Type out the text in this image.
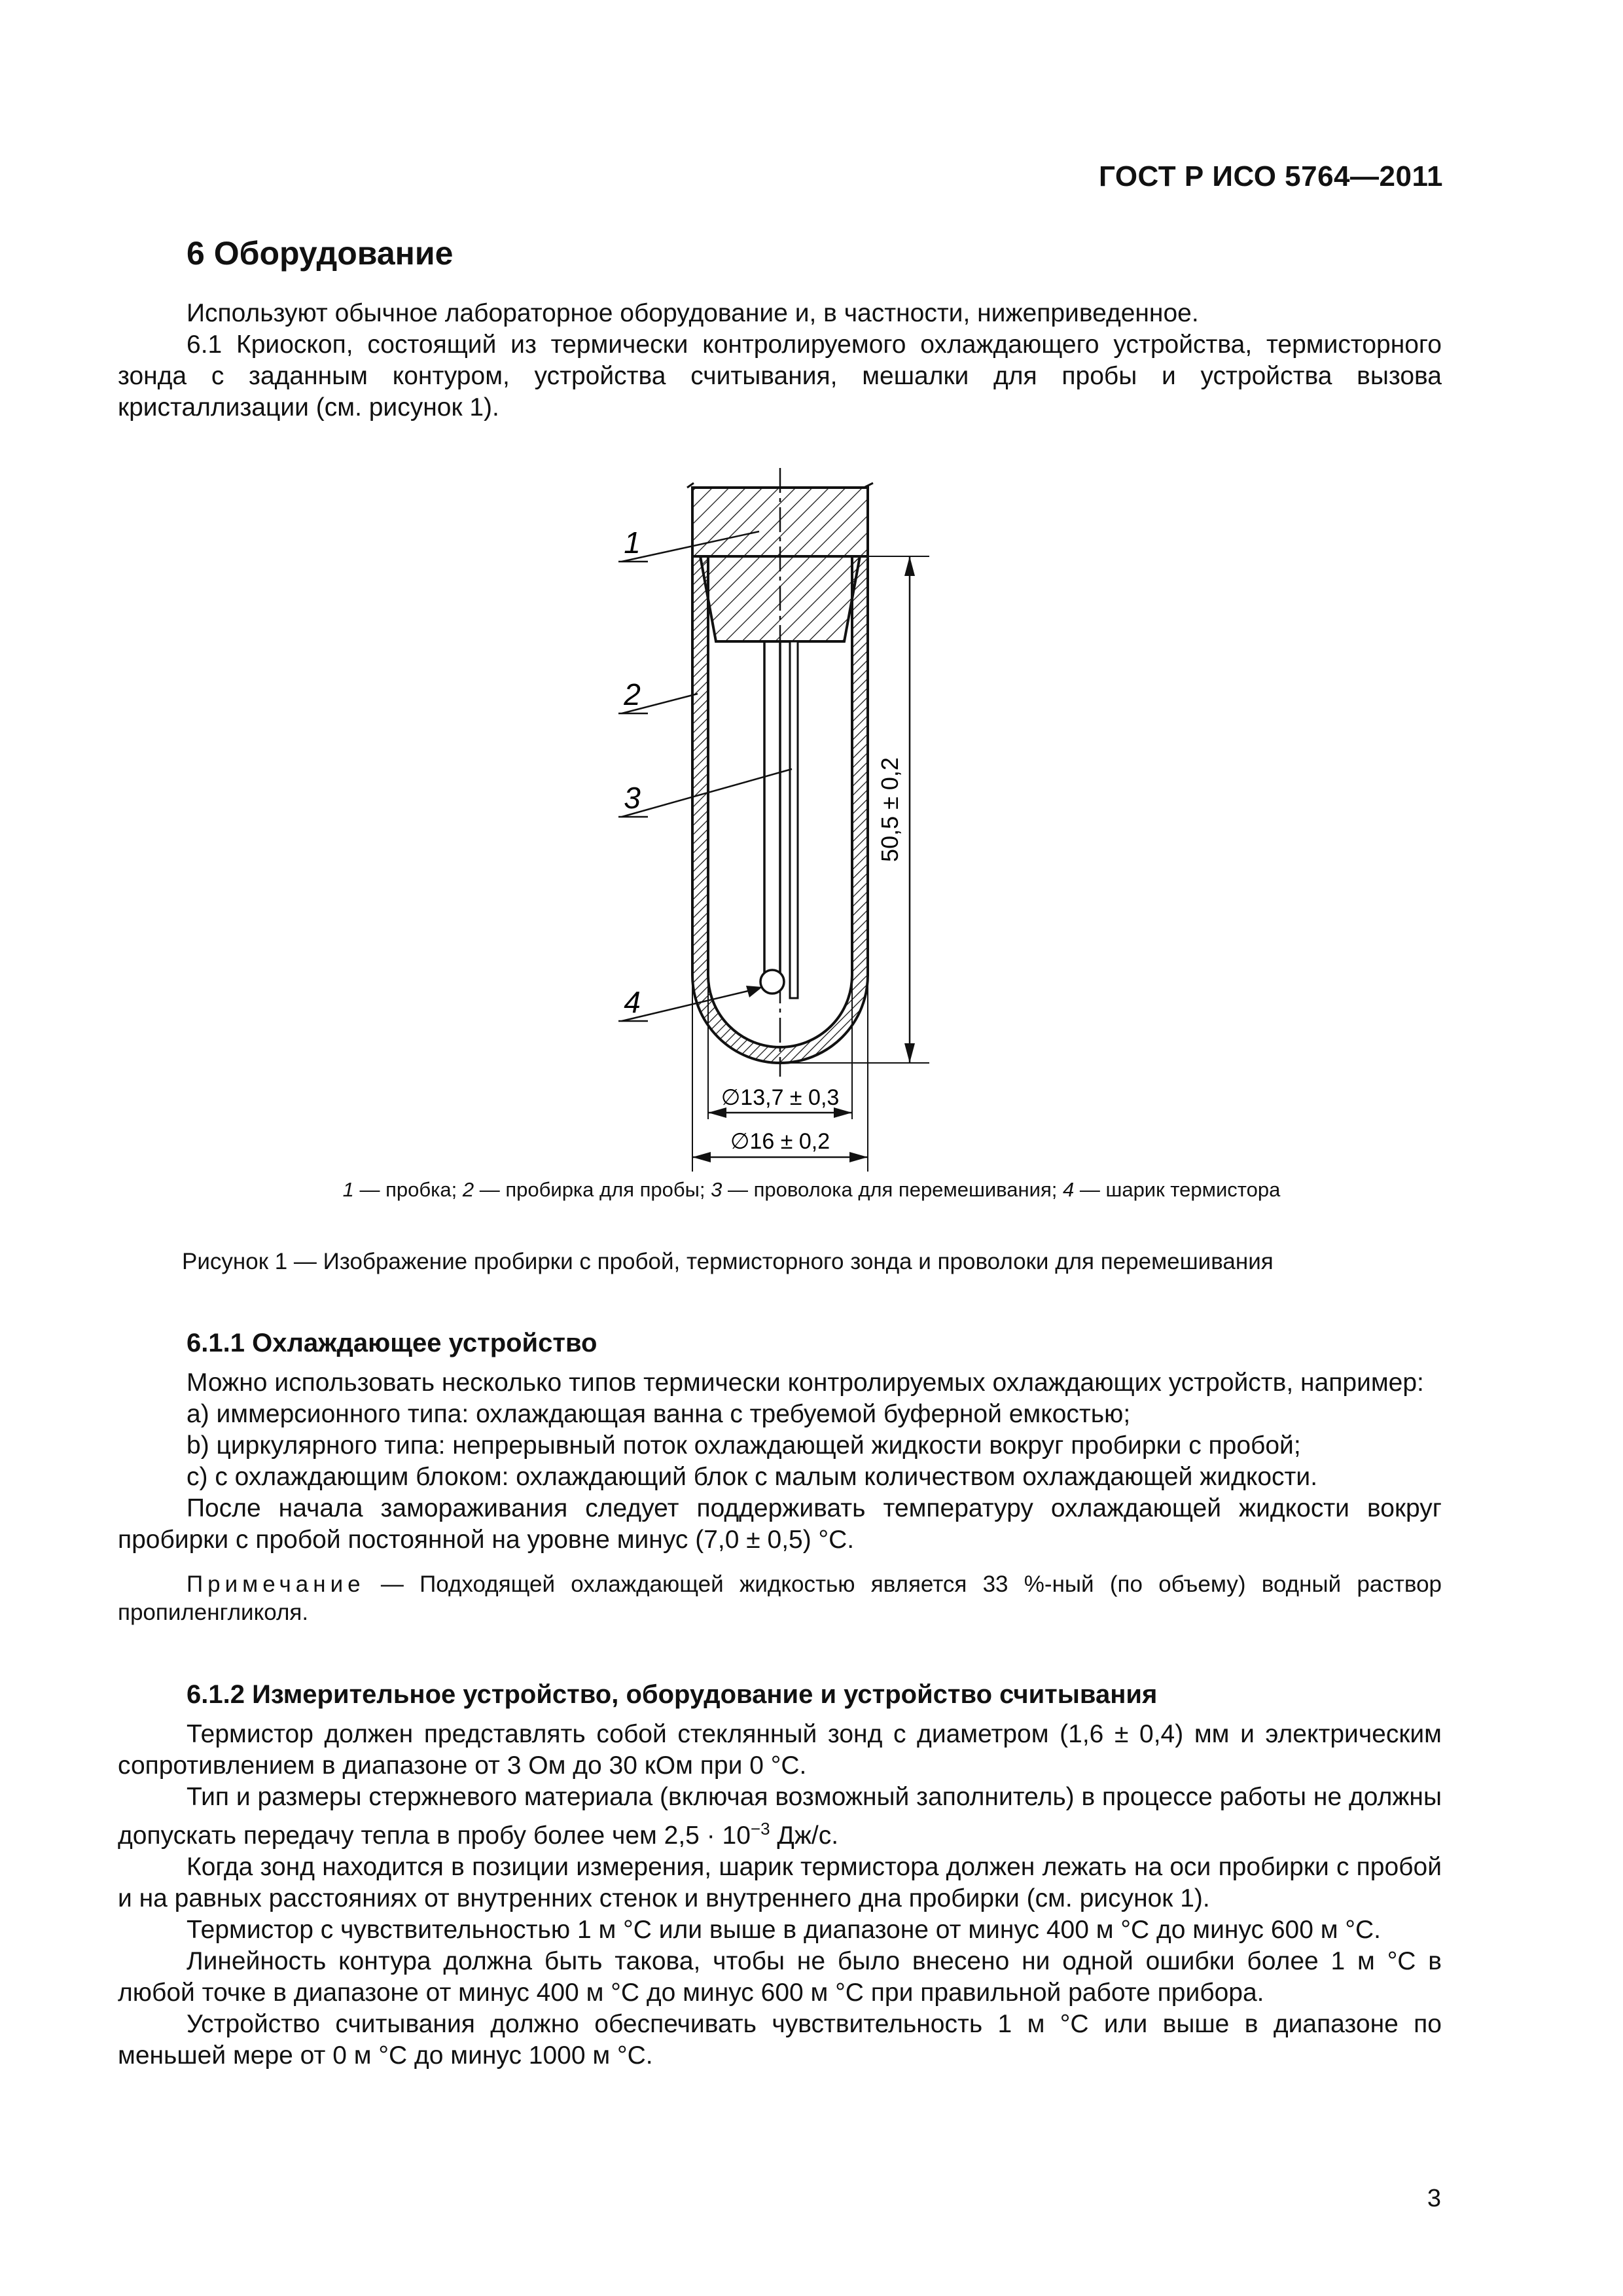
ГОСТ Р ИСО 5764—2011
6 Оборудование

Используют обычное лабораторное оборудование и, в частности, нижеприведенное.

6.1 Криоскоп, состоящий из термически контролируемого охлаждающего устройства, термисторного зонда с заданным контуром, устройства считывания, мешалки для пробы и устройства вызова кристаллизации (см. рисунок 1).

1
2
3
4
50,5 ± 0,2
∅13,7 ± 0,3
∅16 ± 0,2
1 — пробка; 2 — пробирка для пробы; 3 — проволока для перемешивания; 4 — шарик термистора
Рисунок 1 — Изображение пробирки с пробой, термисторного зонда и проволоки для перемешивания

6.1.1 Охлаждающее устройство

Можно использовать несколько типов термически контролируемых охлаждающих устройств, например:

a) иммерсионного типа: охлаждающая ванна с требуемой буферной емкостью;

b) циркулярного типа: непрерывный поток охлаждающей жидкости вокруг пробирки с пробой;

c) с охлаждающим блоком: охлаждающий блок с малым количеством охлаждающей жидкости.

После начала замораживания следует поддерживать температуру охлаждающей жидкости вокруг пробирки с пробой постоянной на уровне минус (7,0 ± 0,5) °С.

Примечание — Подходящей охлаждающей жидкостью является 33 %-ный (по объему) водный раствор пропиленгликоля.

6.1.2 Измерительное устройство, оборудование и устройство считывания

Термистор должен представлять собой стеклянный зонд с диаметром (1,6 ± 0,4) мм и электрическим сопротивлением в диапазоне от 3 Ом до 30 кОм при 0 °С.

Тип и размеры стержневого материала (включая возможный заполнитель) в процессе работы не должны допускать передачу тепла в пробу более чем $2,5 \cdot 10^{-3}$ Дж/с.

Когда зонд находится в позиции измерения, шарик термистора должен лежать на оси пробирки с пробой и на равных расстояниях от внутренних стенок и внутреннего дна пробирки (см. рисунок 1).

Термистор с чувствительностью 1 м °С или выше в диапазоне от минус 400 м °С до минус 600 м °С.

Линейность контура должна быть такова, чтобы не было внесено ни одной ошибки более 1 м °С в любой точке в диапазоне от минус 400 м °С до минус 600 м °С при правильной работе прибора.

Устройство считывания должно обеспечивать чувствительность 1 м °С или выше в диапазоне по меньшей мере от 0 м °С до минус 1000 м °С.

3
